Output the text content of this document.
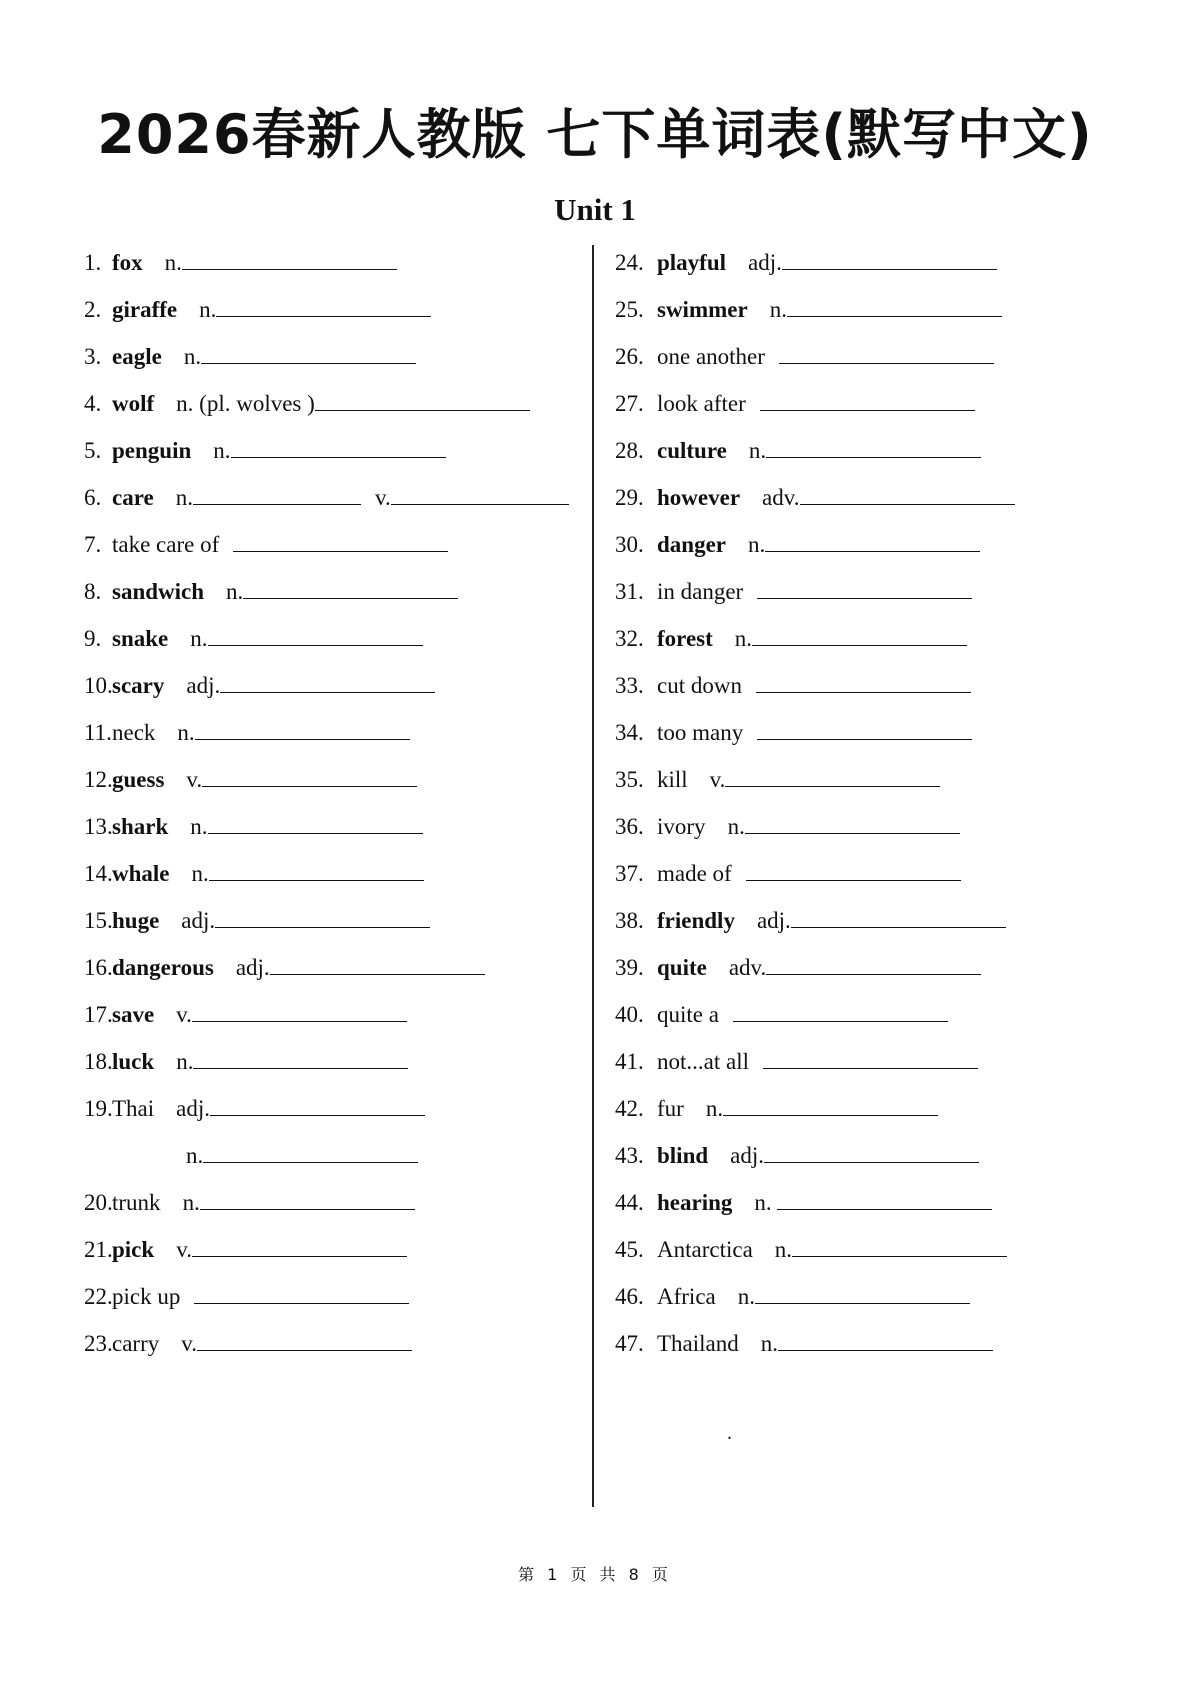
2026春新人教版 七下单词表(默写中文)
Unit 1
1. fox n.
2. giraffe n.
3. eagle n.
4. wolf n. (pl. wolves )
5. penguin n.
6. care n.	v.
7. take care of
8. sandwich n.
9. snake n.
10.scary adj.
11.neck n.
12.guess v.
13.shark n.
14.whale n.
15.huge adj.
16.dangerous adj.
17.save v.
18.luck n.
19.Thai adj.
n.
20.trunk n.
21.pick v.
22.pick up
23.carry v.
24. playful adj.
25. swimmer n.
26. one another
27. look after
28. culture n.
29. however adv.
30. danger n.
31. in danger
32. forest n.
33. cut down
34. too many
35. kill v.
36. ivory n.
37. made of
38. friendly adj.
39. quite adv.
40. quite a
41. not...at all
42. fur n.
43. blind adj.
44. hearing n.
45. Antarctica n.
46. Africa n.
47. Thailand n.
.
第 1 页 共 8 页
